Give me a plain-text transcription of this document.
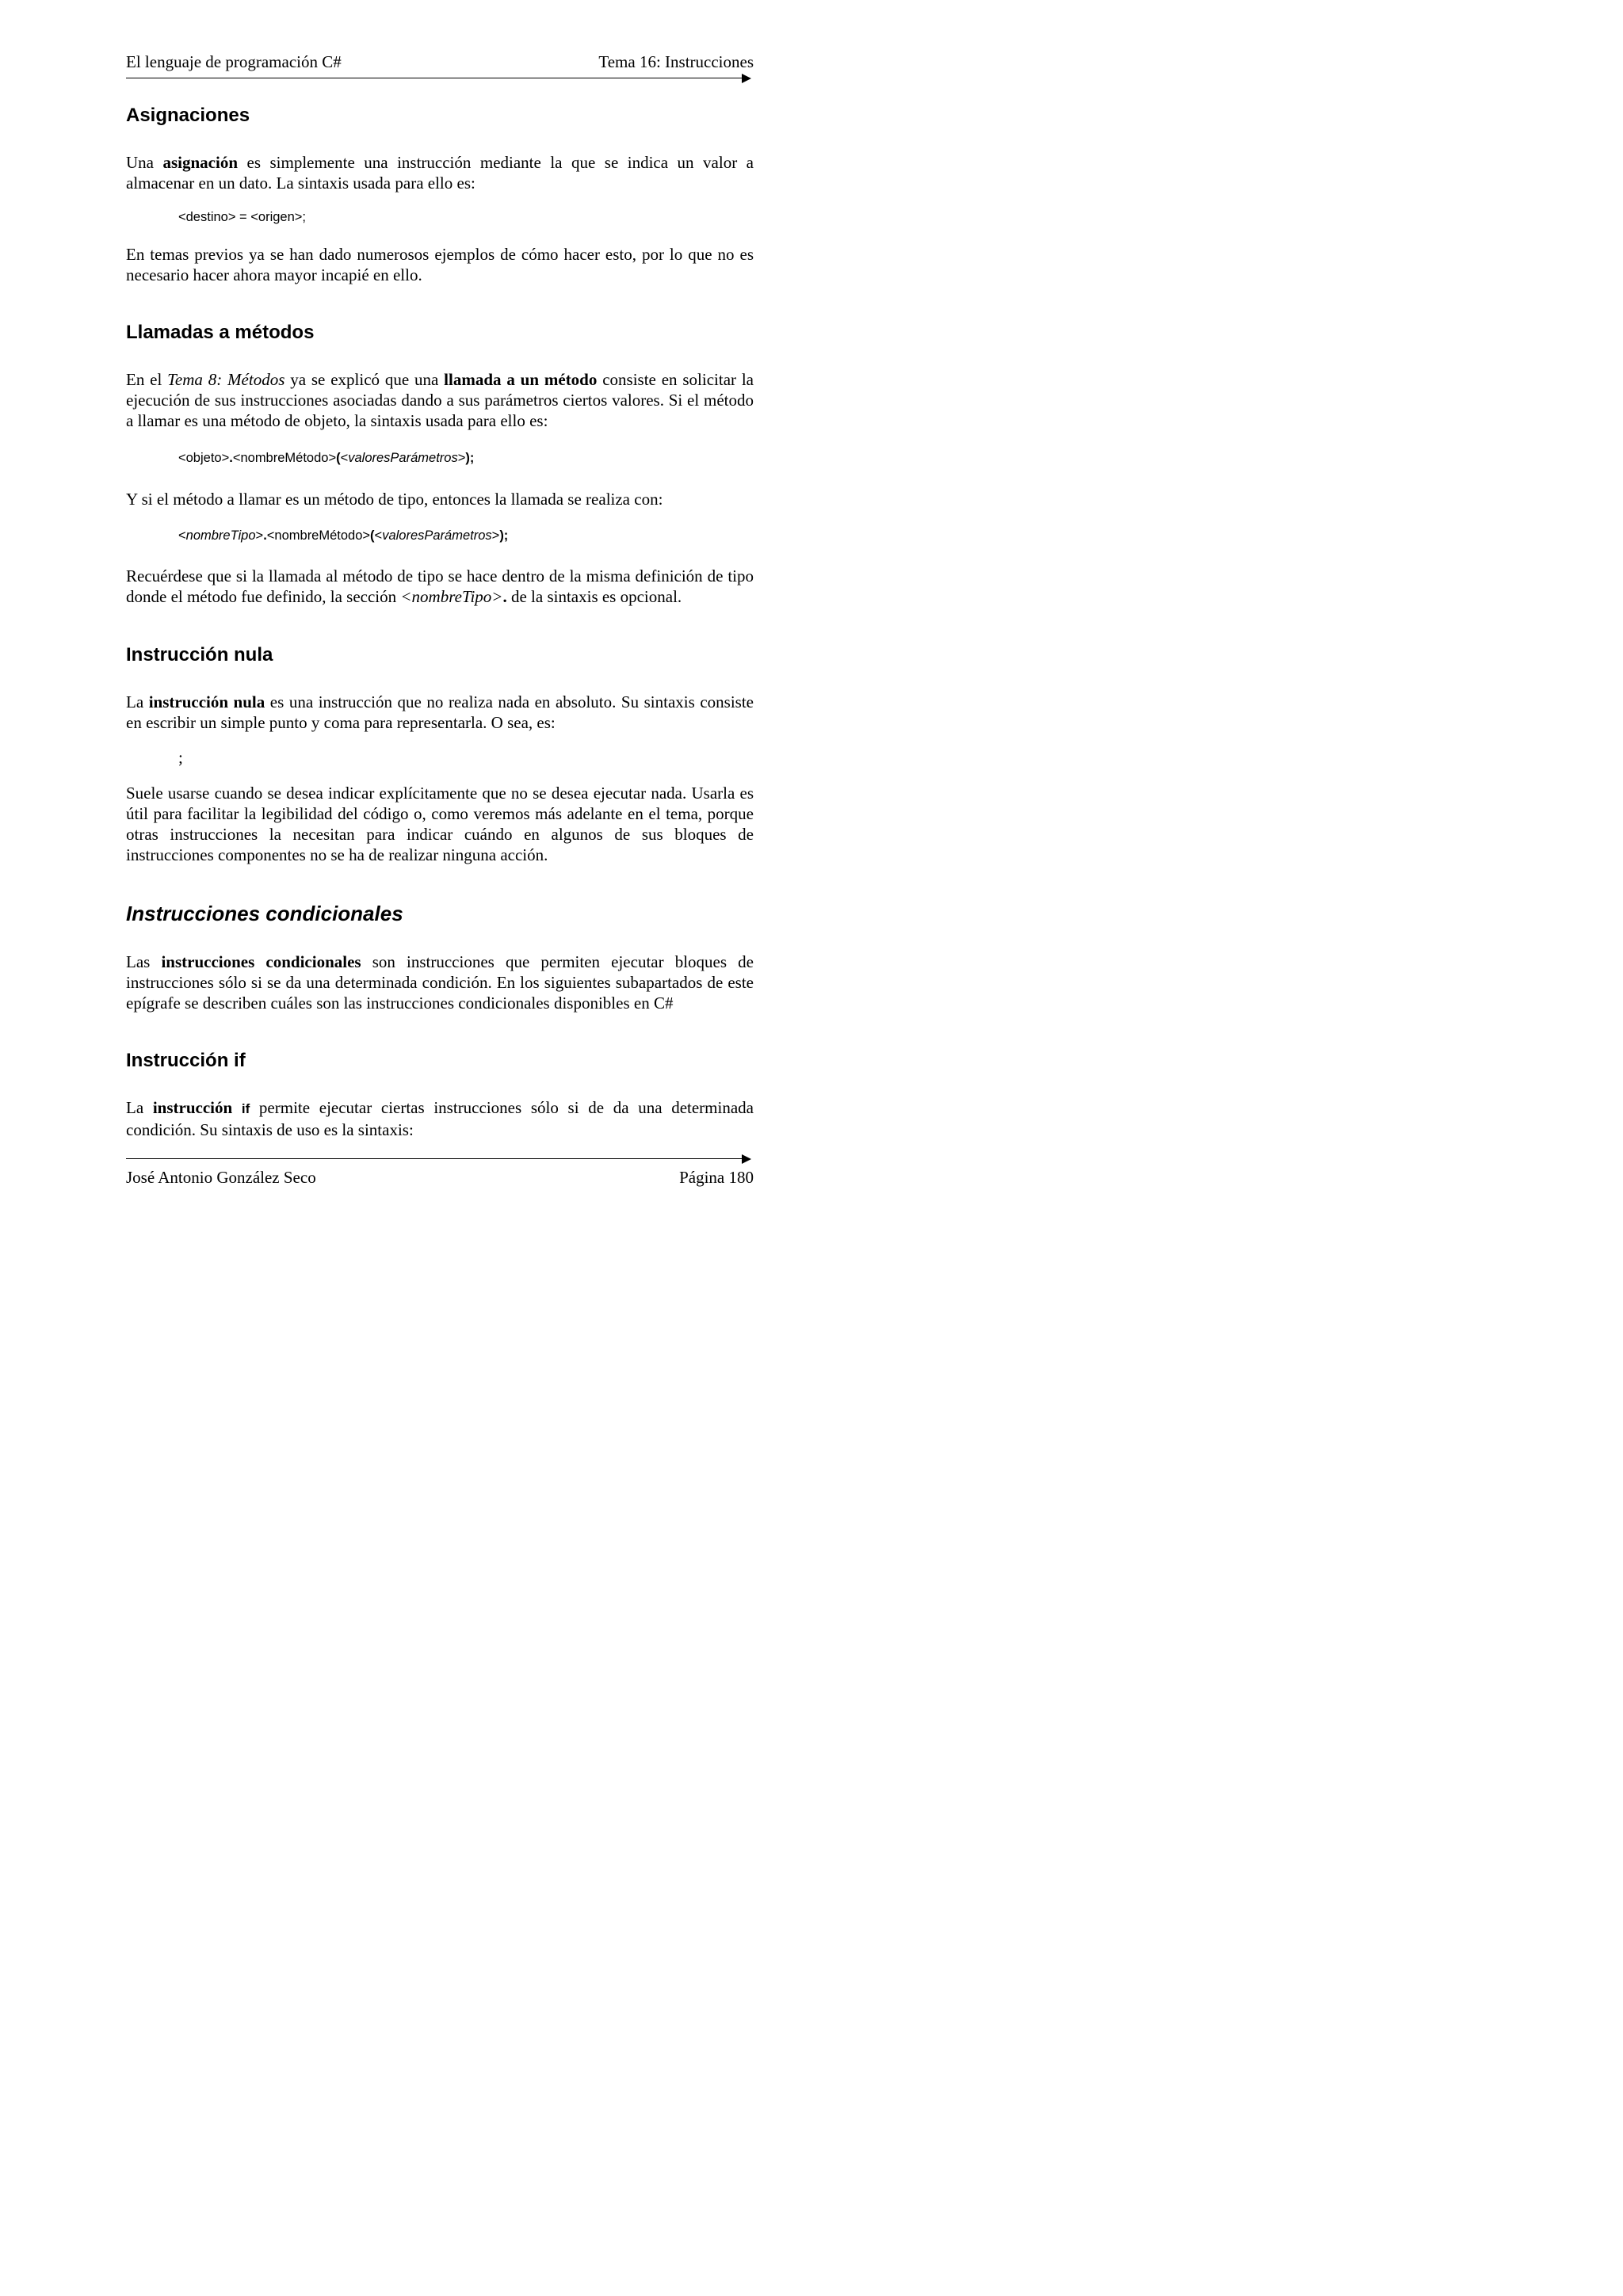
El lenguaje de programación C#	Tema 16: Instrucciones
Asignaciones

Una asignación es simplemente una instrucción mediante la que se indica un valor a almacenar en un dato. La sintaxis usada para ello es:

<destino> = <origen>;

En temas previos ya se han dado numerosos ejemplos de cómo hacer esto, por lo que no es necesario hacer ahora mayor incapié en ello.

Llamadas a métodos

En el Tema 8: Métodos ya se explicó que una llamada a un método consiste en solicitar la ejecución de sus instrucciones asociadas dando a sus parámetros ciertos valores. Si el método a llamar es una método de objeto, la sintaxis usada para ello es:

<objeto>.<nombreMétodo>(<valoresParámetros>);

Y si el método a llamar es un método de tipo, entonces la llamada se realiza con:

<nombreTipo>.<nombreMétodo>(<valoresParámetros>);

Recuérdese que si la llamada al método de tipo se hace dentro de la misma definición de tipo donde el método fue definido, la sección <nombreTipo>. de la sintaxis es opcional.

Instrucción nula

La instrucción nula es una instrucción que no realiza nada en absoluto. Su sintaxis consiste en escribir un simple punto y coma para representarla. O sea, es:

;

Suele usarse cuando se desea indicar explícitamente que no se desea ejecutar nada. Usarla es útil para facilitar la legibilidad del código o, como veremos más adelante en el tema, porque otras instrucciones la necesitan para indicar cuándo en algunos de sus bloques de instrucciones componentes no se ha de realizar ninguna acción.

Instrucciones condicionales

Las instrucciones condicionales son instrucciones que permiten ejecutar bloques de instrucciones sólo si se da una determinada condición. En los siguientes subapartados de este epígrafe se describen cuáles son las instrucciones condicionales disponibles en C#

Instrucción if

La instrucción if permite ejecutar ciertas instrucciones sólo si de da una determinada condición. Su sintaxis de uso es la sintaxis:

José Antonio González Seco	Página 180
